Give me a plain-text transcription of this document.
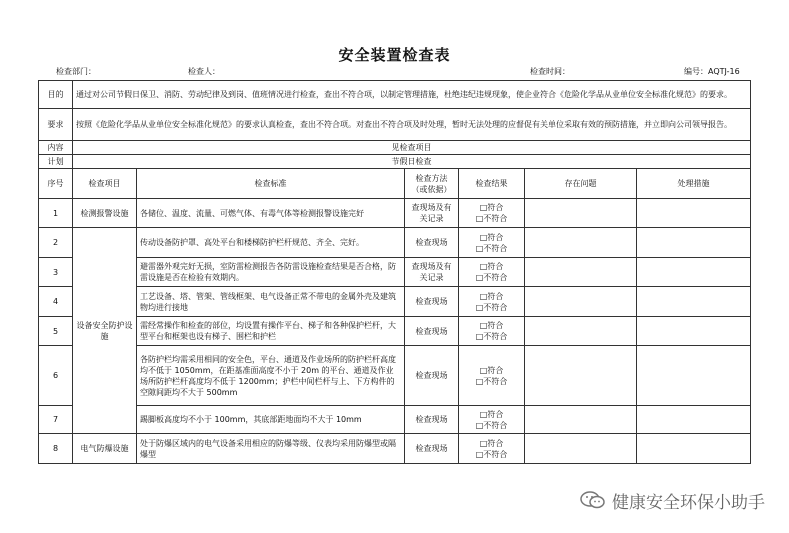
安全装置检查表
检查部门：	检查人：	检查时间：	编号：AQTJ-16
目的	通过对公司节假日保卫、消防、劳动纪律及到岗、值班情况进行检查，查出不符合项，以制定管理措施，杜绝违纪违规现象，使企业符合《危险化学品从业单位安全标准化规范》的要求。					
要求	按照《危险化学品从业单位安全标准化规范》的要求认真检查，查出不符合项。对查出不符合项及时处理，暂时无法处理的应督促有关单位采取有效的预防措施，并立即向公司领导报告。					
内容	见检查项目					
计划	节假日检查					
序号	检查项目	检查标准	检查方法（或依据）	检查结果	存在问题	处理措施
1	检测报警设施	各储位、温度、流量、可燃气体、有毒气体等检测报警设施完好	查现场及有关记录	□符合
□不符合		

2	设备安全防护设施	传动设备防护罩、高处平台和楼梯防护栏杆规范、齐全、完好。	检查现场	□符合
□不符合		

3		避雷器外观完好无损，室防雷检测报告各防雷设施检查结果是否合格，防雷设施是否在检验有效期内。	查现场及有关记录	□符合
□不符合		

4		工艺设备、塔、管架、管线框架、电气设备正常不带电的金属外壳及建筑物均进行接地	检查现场	□符合
□不符合		

5		需经常操作和检查的部位，均设置有操作平台、梯子和各种保护栏杆，大型平台和框架也设有梯子、围栏和护栏	检查现场	□符合
□不符合		

6		各防护栏均需采用相同的安全色，平台、通道及作业场所的防护栏杆高度均不低于 1050mm，在距基准面高度不小于 20m 的平台、通道及作业场所防护栏杆高度均不低于 1200mm；护栏中间栏杆与上、下方构件的空隙间距均不大于 500mm	检查现场	□符合
□不符合		

7		踢脚板高度均不小于 100mm，其底部距地面均不大于 10mm	检查现场	□符合
□不符合		

8	电气防爆设施	处于防爆区域内的电气设备采用相应的防爆等级、仪表均采用防爆型或隔爆型	检查现场	□符合
□不符合		

健康安全环保小助手
